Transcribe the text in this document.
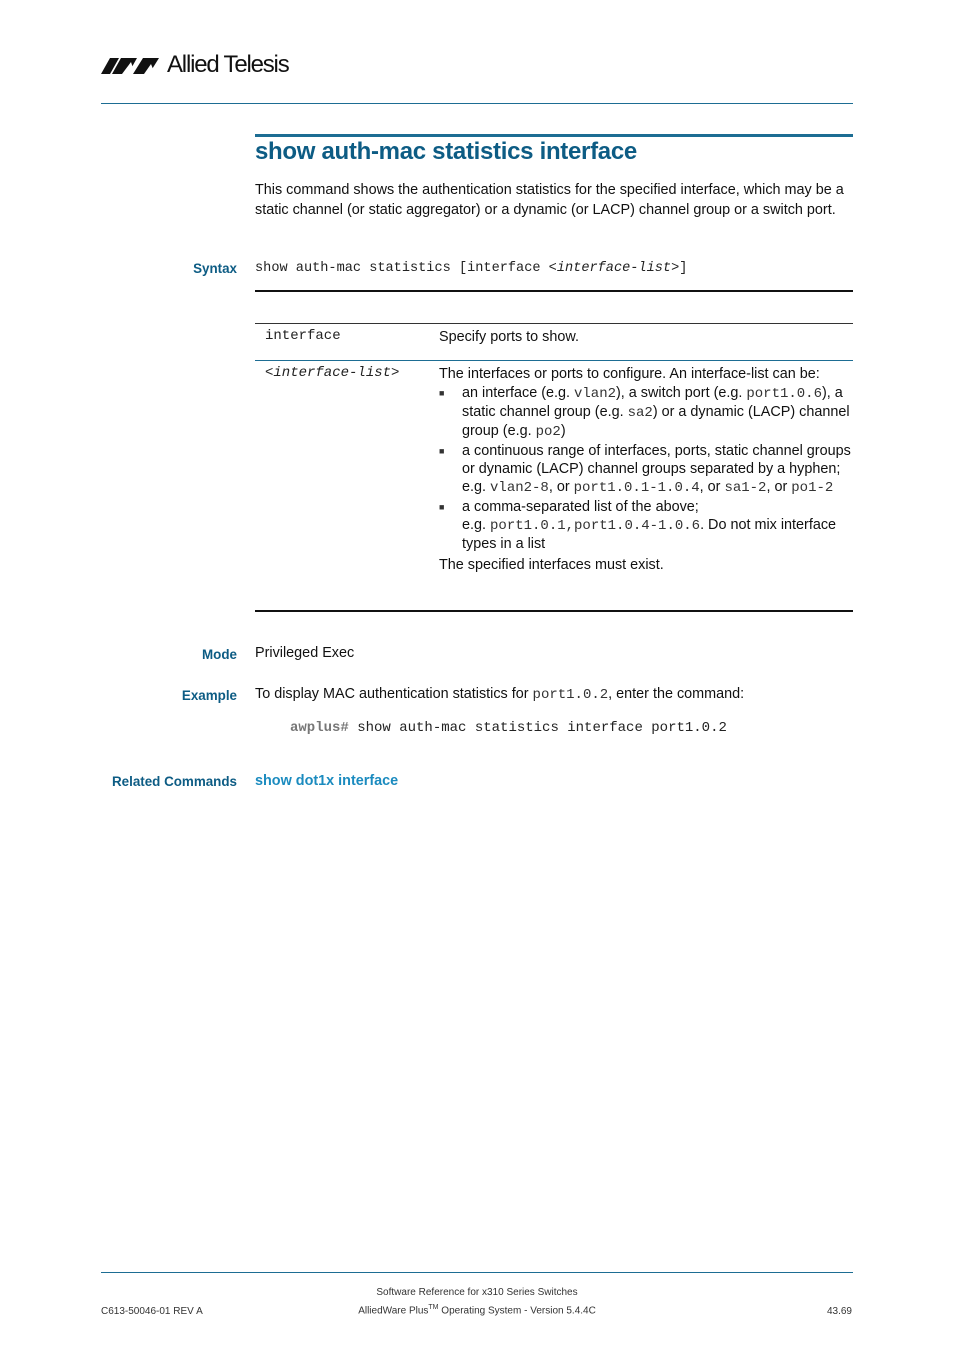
Allied Telesis
show auth-mac statistics interface
This command shows the authentication statistics for the specified interface, which may be a static channel (or static aggregator) or a dynamic (or LACP) channel group or a switch port.
Syntax show auth-mac statistics [interface <interface-list>]
interface	Specify ports to show.
<interface-list>	The interfaces or ports to configure. An interface-list can be:
■	an interface (e.g. vlan2), a switch port (e.g. port1.0.6), a static channel group (e.g. sa2) or a dynamic (LACP) channel group (e.g. po2)
■	a continuous range of interfaces, ports, static channel groups or dynamic (LACP) channel groups separated by a hyphen;
e.g. vlan2-8, or port1.0.1-1.0.4, or sa1-2, or po1-2
■	a comma-separated list of the above;
e.g. port1.0.1,port1.0.4-1.0.6. Do not mix interface types in a list
The specified interfaces must exist.
Mode Privileged Exec
Example To display MAC authentication statistics for port1.0.2, enter the command:
awplus# show auth-mac statistics interface port1.0.2
Related Commands show dot1x interface
C613-50046-01 REV A
Software Reference for x310 Series Switches
AlliedWare Plus™ Operating System - Version 5.4.4C	43.69
